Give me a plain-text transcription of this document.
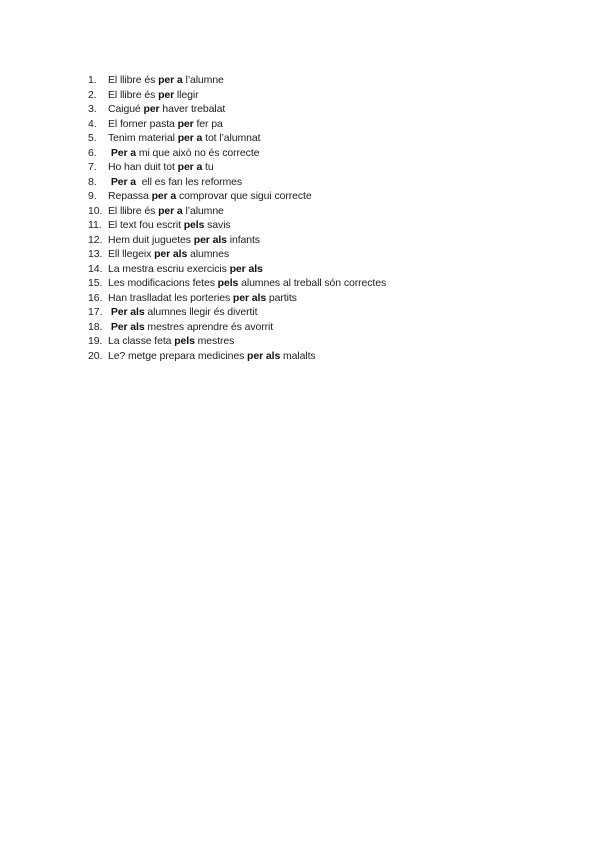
1.	El llibre és per a l’alumne
2.	El llibre és per llegir
3.	Caigué per haver trebalat
4.	El forner pasta per fer pa
5.	Tenim material per a tot l’alumnat
6.	Per a mi que això no és correcte
7.	Ho han duit tot per a tu
8.	Per a  ell es fan les reformes
9.	Repassa per a comprovar que sigui correcte
10. El llibre és per a l’alumne
11. El text fou escrit pels savis
12. Hem duit juguetes per als infants
13. Ell llegeix per als alumnes
14. La mestra escriu exercicis per als
15. Les modificacions fetes pels alumnes al treball són correctes
16. Han traslladat les porteries per als partits
17. Per als alumnes llegir és divertit
18. Per als mestres aprendre és avorrit
19. La classe feta pels mestres
20. Le? metge prepara medicines per als malalts
